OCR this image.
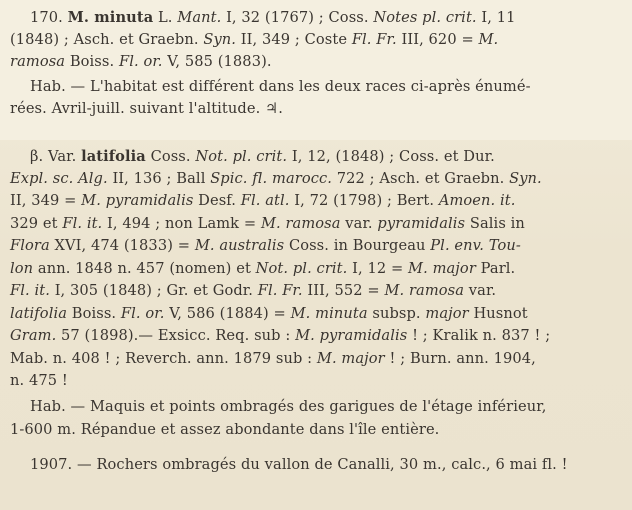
170. M. minuta L. Mant. I, 32 (1767) ; Coss. Notes pl. crit. I, 11
(1848) ; Asch. et Graebn. Syn. II, 349 ; Coste Fl. Fr. III, 620 = M.
ramosa Boiss. Fl. or. V, 585 (1883).
Hab. — L'habitat est différent dans les deux races ci-après énumé-
rées. Avril-juill. suivant l'altitude. ♃.
β. Var. latifolia Coss. Not. pl. crit. I, 12, (1848) ; Coss. et Dur.
Expl. sc. Alg. II, 136 ; Ball Spic. fl. marocc. 722 ; Asch. et Graebn. Syn.
II, 349 = M. pyramidalis Desf. Fl. atl. I, 72 (1798) ; Bert. Amoen. it.
329 et Fl. it. I, 494 ; non Lamk = M. ramosa var. pyramidalis Salis in
Flora XVI, 474 (1833) = M. australis Coss. in Bourgeau Pl. env. Tou-
lon ann. 1848 n. 457 (nomen) et Not. pl. crit. I, 12 = M. major Parl.
Fl. it. I, 305 (1848) ; Gr. et Godr. Fl. Fr. III, 552 = M. ramosa var.
latifolia Boiss. Fl. or. V, 586 (1884) = M. minuta subsp. major Husnot
Gram. 57 (1898).— Exsicc. Req. sub : M. pyramidalis ! ; Kralik n. 837 ! ;
Mab. n. 408 ! ; Reverch. ann. 1879 sub : M. major ! ; Burn. ann. 1904,
n. 475 !
Hab. — Maquis et points ombragés des garigues de l'étage inférieur,
1-600 m. Répandue et assez abondante dans l'île entière.
1907. — Rochers ombragés du vallon de Canalli, 30 m., calc., 6 mai fl. !
